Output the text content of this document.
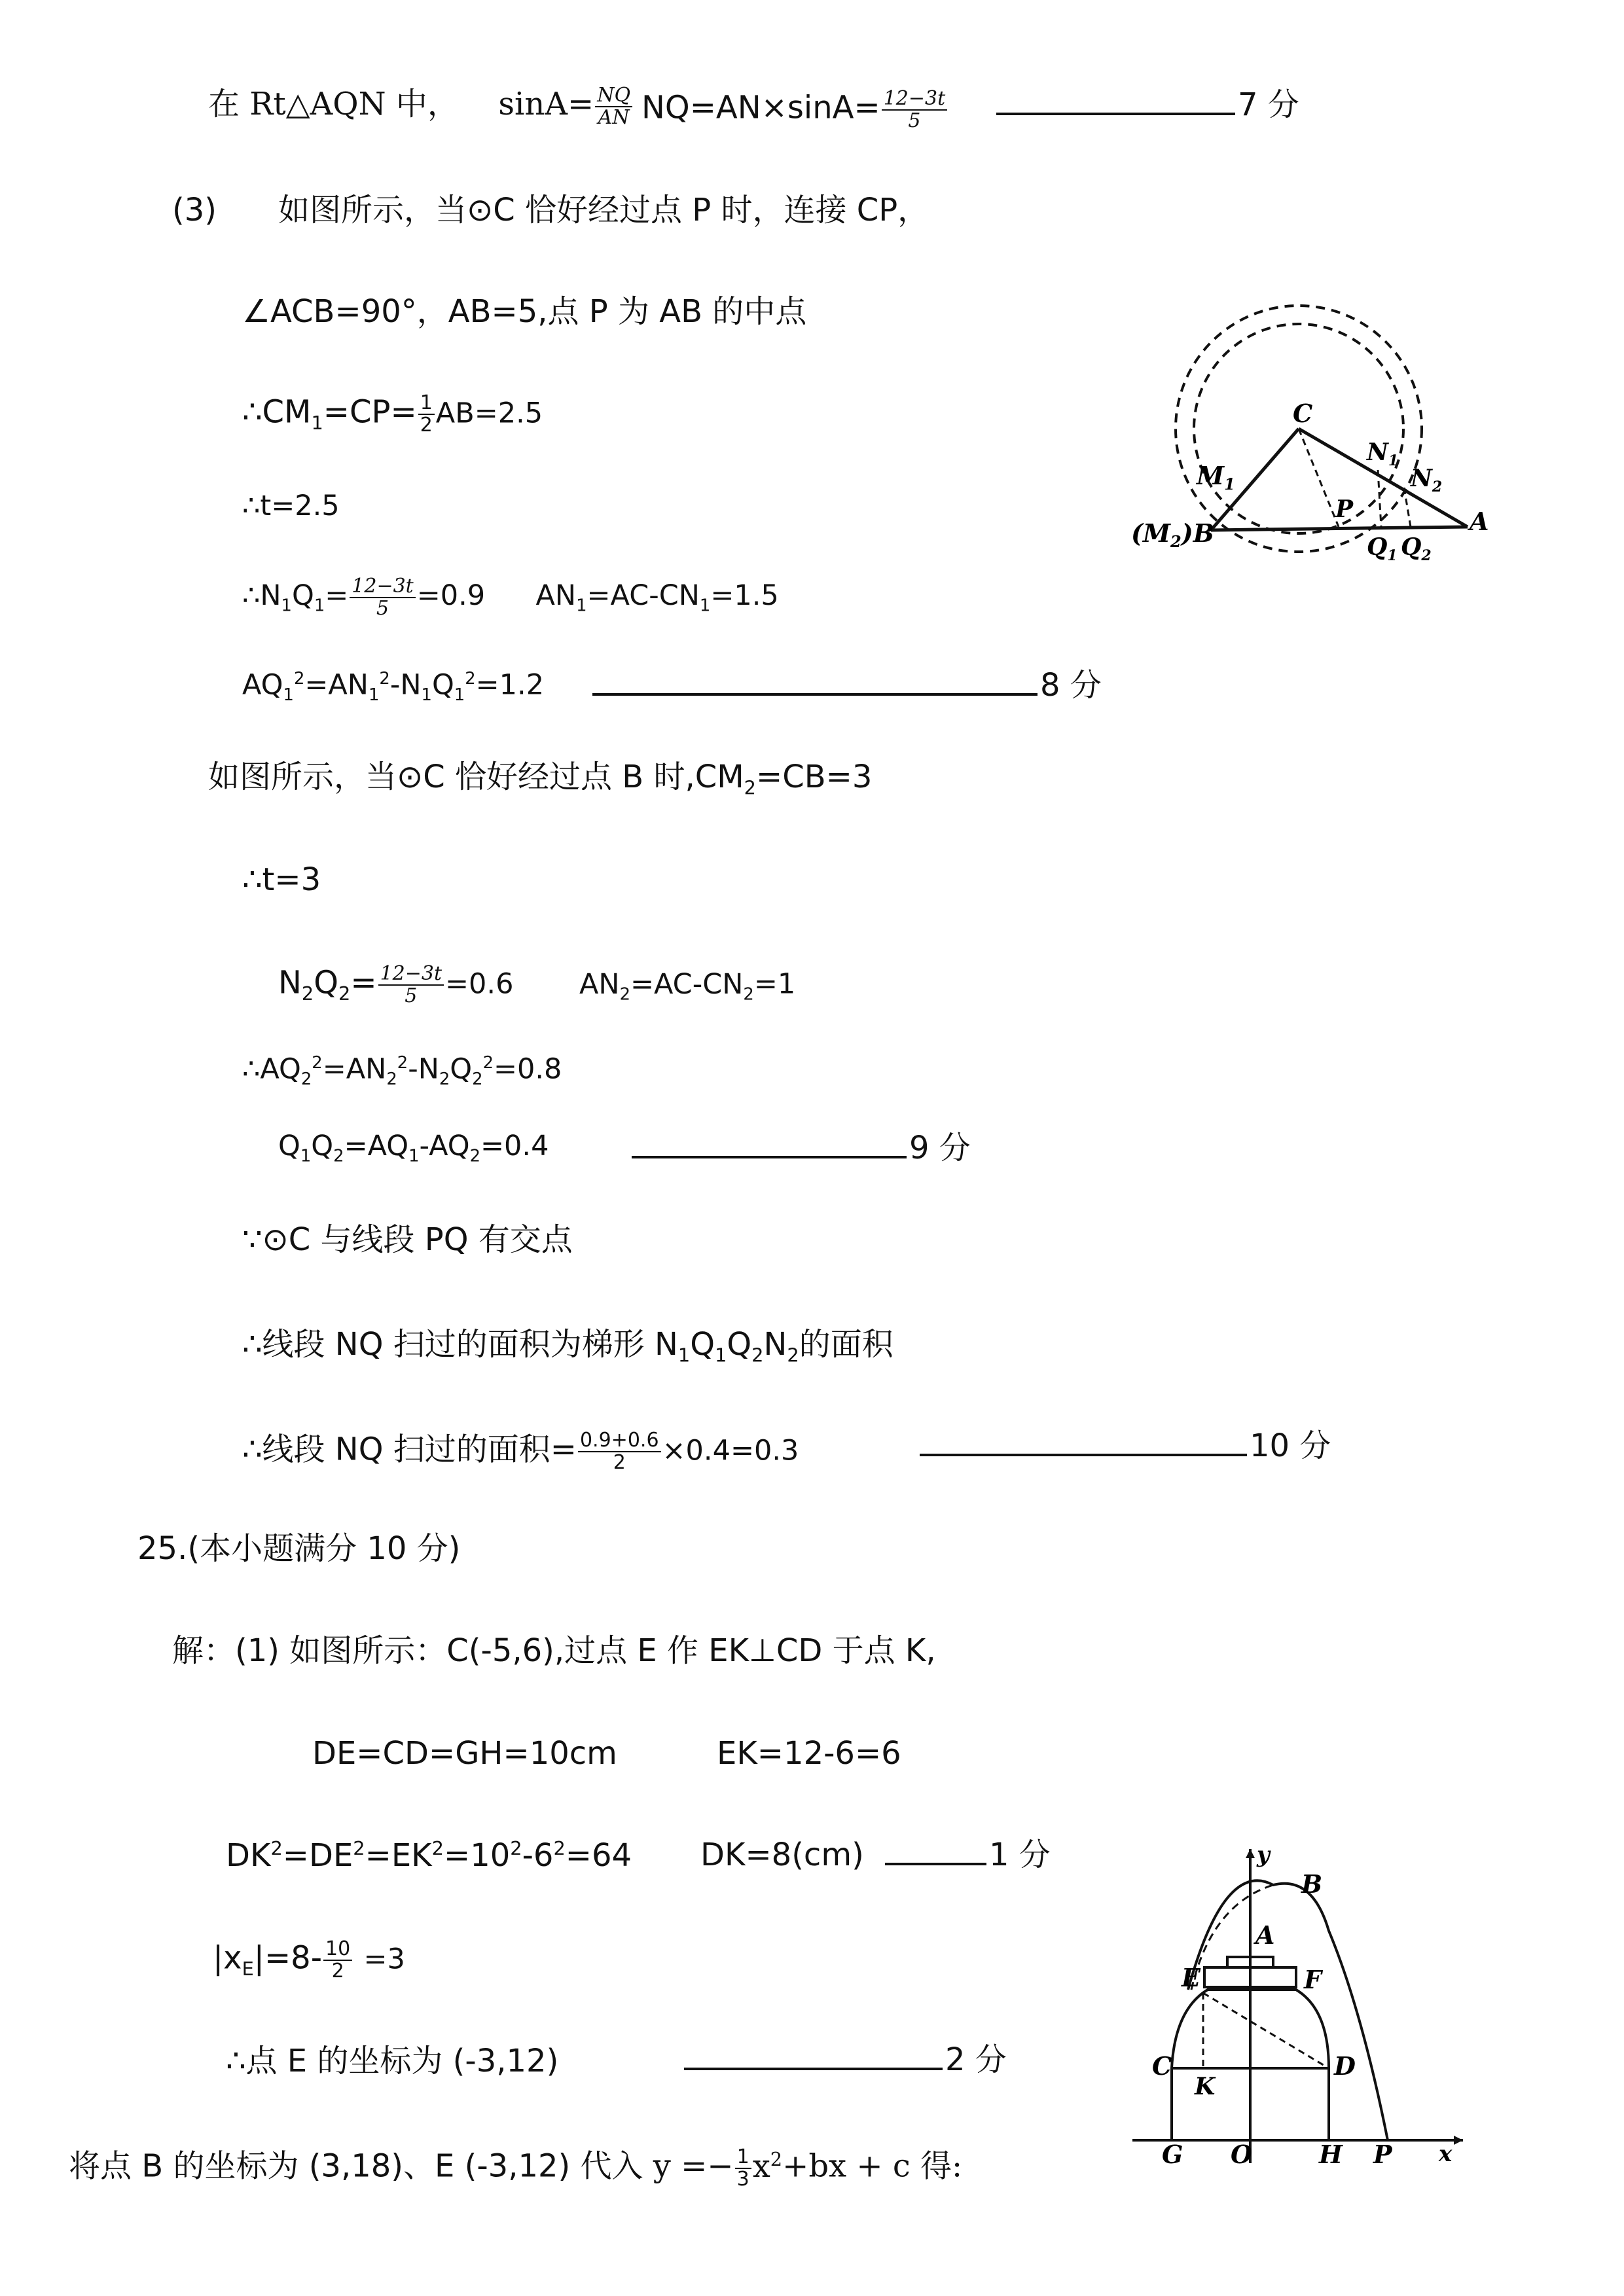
在 Rt△AQN 中， $\sin A= \frac{NQ}{AN} NQ=AN\times\sin A= \frac{12-3t}{5}$	7 分
(3) 如图所示，当⊙C 恰好经过点 P 时，连接 CP，
∠ACB=90°，AB=5,点 P 为 AB 的中点
$\therefore CM_1=CP= \frac{1}{2} AB=2.5$
∴t=2.5
$\therefore N_1Q_1= \frac{12-3t}{5} =0.9$ $AN_1=AC-CN_1=1.5$
$AQ_1^2=AN_1^2-N_1Q_1^2=1.2$	8 分
如图所示，当⊙C 恰好经过点 B 时$,CM_2=CB=3$
∴t=3
$N_2Q_2= \frac{12-3t}{5} =0.6$ $AN_2=AC-CN_2=1$
$\therefore AQ_2^2=AN_2^2-N_2Q_2^2=0.8$
$Q_1Q_2=AQ_1-AQ_2=0.4$	9 分
∵⊙C 与线段 PQ 有交点
∴线段 NQ 扫过的面积为梯形 $N_1Q_1Q_2N_2$的面积
∴线段 NQ 扫过的面积= $\frac{0.9+0.6}{2} \times 0.4=0.3$	10 分
25.(本小题满分 10 分)
解：(1) 如图所示：C(-5,6),过点 E 作 EK⊥CD 于点 K,
DE=CD=GH=10cm	EK=12-6=6
$DK^2=DE^2=EK^2=10^2-6^2=64$ DK=8(cm)	1 分
$|x_E|=8- \frac{10}{2} =3$
∴点 E 的坐标为 (-3,12)	2 分
将点 B 的坐标为 (3,18)、E (-3,12) 代入 $y =- \frac{1}{3} x^2+bx + c$ 得:
C
$M_1$
$N_1$
$N_2$
P
$(M_2)B$	$Q_1$ $Q_2$
A
y
B
A
E	F
C	D
K
G O	H P x
